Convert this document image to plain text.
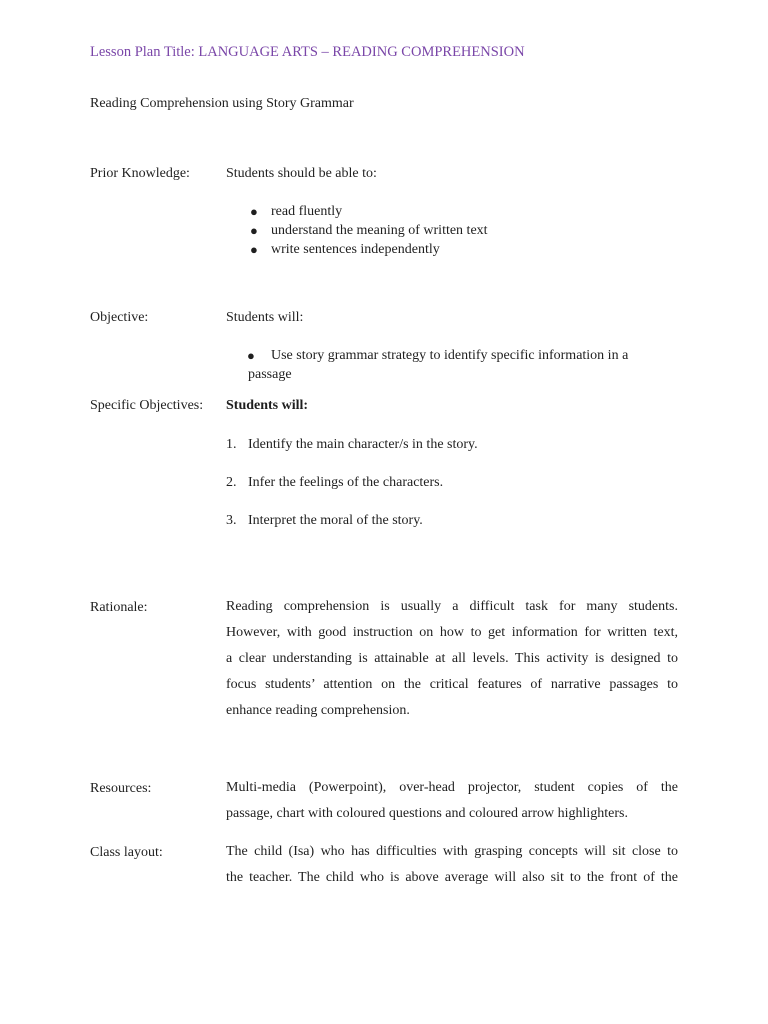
Lesson Plan Title: LANGUAGE ARTS – READING COMPREHENSION
Reading Comprehension using Story Grammar
Prior Knowledge:	Students should be able to:
● read fluently
● understand the meaning of written text
● write sentences independently
Objective:	Students will:
●	Use story grammar strategy to identify specific information in a
passage
Specific Objectives: Students will:
1. Identify the main character/s in the story.
2. Infer the feelings of the characters.
3. Interpret the moral of the story.
Rationale:	Reading comprehension is usually a difficult task for many students.
However, with good instruction on how to get information for written text,
a clear understanding is attainable at all levels. This activity is designed to
focus students’ attention on the critical features of narrative passages to
enhance reading comprehension.
Resources:	Multi-media (Powerpoint), over-head projector, student copies of the
passage, chart with coloured questions and coloured arrow highlighters.
Class layout:	The child (Isa) who has difficulties with grasping concepts will sit close to
the teacher. The child who is above average will also sit to the front of the
